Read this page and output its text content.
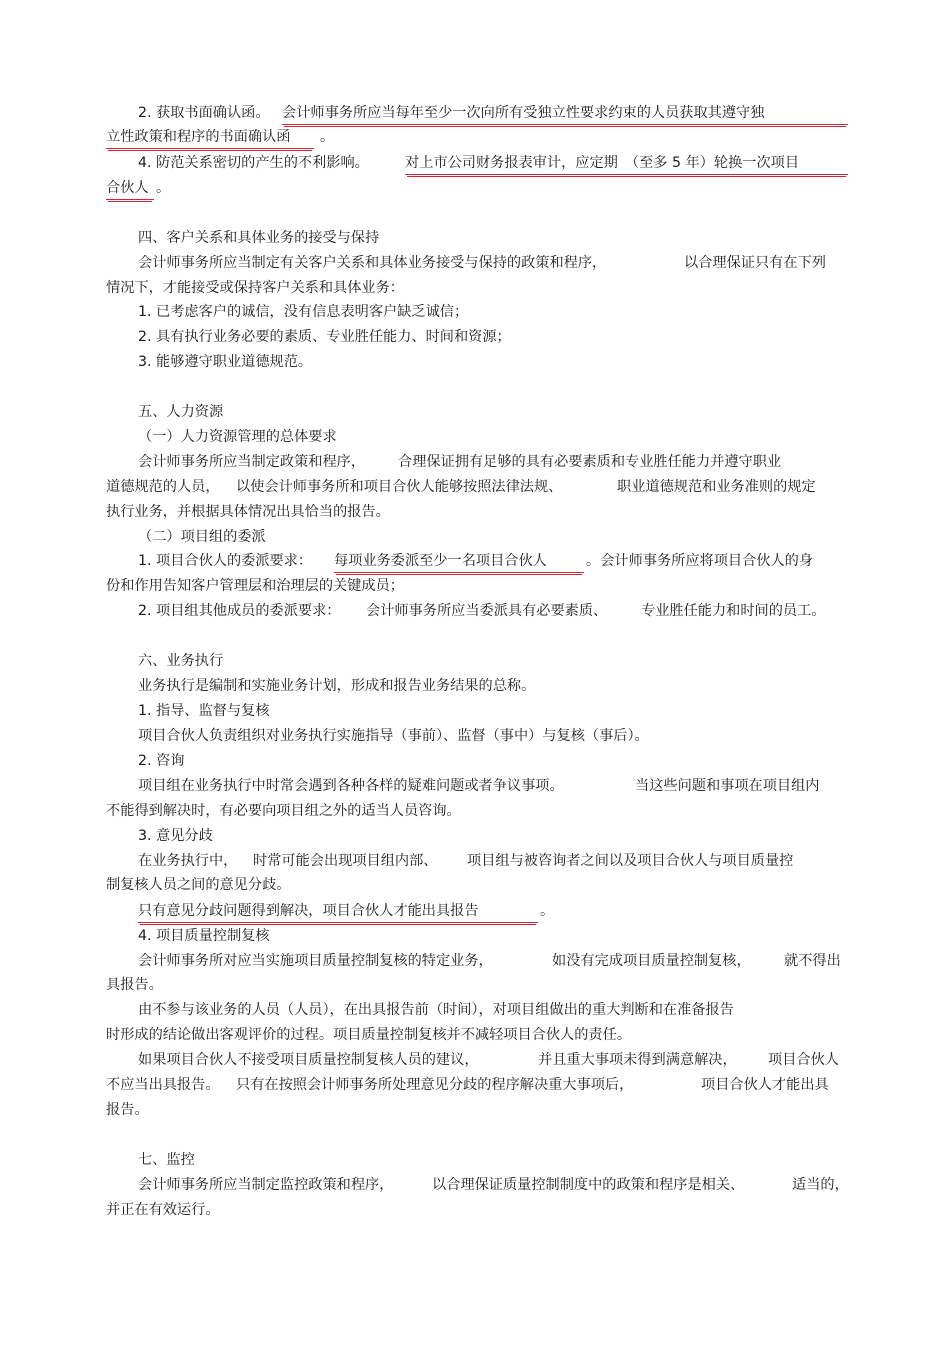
2. 获取书面确认函。 会计师事务所应当每年至少一次向所有受独立性要求约束的人员获取其遵守独
立性政策和程序的书面确认函	。
4. 防范关系密切的产生的不利影响。	对上市公司财务报表审计，应定期　（至多 5 年）轮换一次项目
合伙人 。
四、客户关系和具体业务的接受与保持
会计师事务所应当制定有关客户关系和具体业务接受与保持的政策和程序，	以合理保证只有在下列
情况下，才能接受或保持客户关系和具体业务：
1. 已考虑客户的诚信，没有信息表明客户缺乏诚信；
2. 具有执行业务必要的素质、专业胜任能力、时间和资源；
3. 能够遵守职业道德规范。
五、人力资源
（一）人力资源管理的总体要求
会计师事务所应当制定政策和程序， 合理保证拥有足够的具有必要素质和专业胜任能力并遵守职业
道德规范的人员， 以使会计师事务所和项目合伙人能够按照法律法规、	职业道德规范和业务准则的规定
执行业务，并根据具体情况出具恰当的报告。
（二）项目组的委派
1. 项目合伙人的委派要求： 每项业务委派至少一名项目合伙人	。会计师事务所应将项目合伙人的身
份和作用告知客户管理层和治理层的关键成员；
2. 项目组其他成员的委派要求： 会计师事务所应当委派具有必要素质、 专业胜任能力和时间的员工。
六、业务执行
业务执行是编制和实施业务计划，形成和报告业务结果的总称。
1. 指导、监督与复核
项目合伙人负责组织对业务执行实施指导（事前）、监督（事中）与复核（事后）。
2. 咨询
项目组在业务执行中时常会遇到各种各样的疑难问题或者争议事项。	当这些问题和事项在项目组内
不能得到解决时，有必要向项目组之外的适当人员咨询。
3. 意见分歧
在业务执行中， 时常可能会出现项目组内部、 项目组与被咨询者之间以及项目合伙人与项目质量控
制复核人员之间的意见分歧。
只有意见分歧问题得到解决，项目合伙人才能出具报告	。
4. 项目质量控制复核
会计师事务所对应当实施项目质量控制复核的特定业务，	如没有完成项目质量控制复核， 就不得出
具报告。
由不参与该业务的人员（人员），在出具报告前（时间），对项目组做出的重大判断和在准备报告
时形成的结论做出客观评价的过程。项目质量控制复核并不减轻项目合伙人的责任。
如果项目合伙人不接受项目质量控制复核人员的建议，	并且重大事项未得到满意解决， 项目合伙人
不应当出具报告。 只有在按照会计师事务所处理意见分歧的程序解决重大事项后，	项目合伙人才能出具
报告。
七、监控
会计师事务所应当制定监控政策和程序，	以合理保证质量控制制度中的政策和程序是相关、	适当的，
并正在有效运行。
